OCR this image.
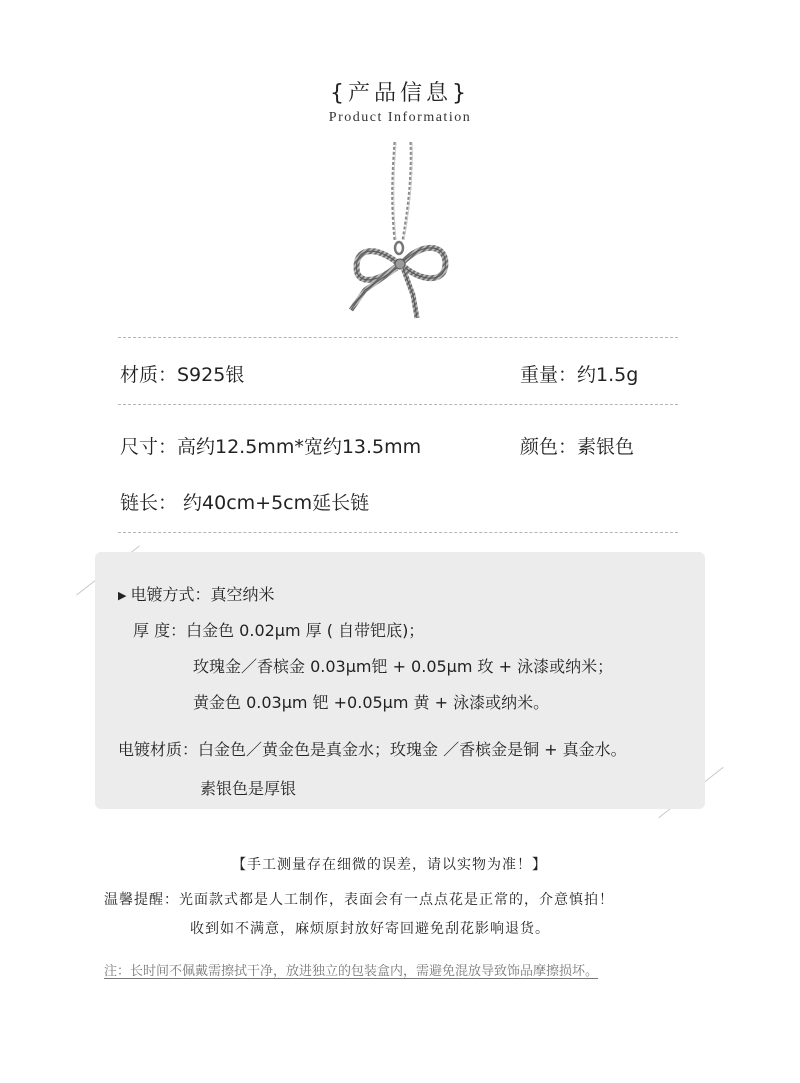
{产品信息}
Product Information
材质：S925银	重量：约1.5g
尺寸：高约12.5mm*宽约13.5mm	颜色：素银色
链长： 约40cm+5cm延长链
▶ 电镀方式：真空纳米
厚 度：白金色 0.02μm 厚 ( 自带钯底)；
玫瑰金／香槟金 0.03μm钯 + 0.05μm 玫 + 泳漆或纳米；
黄金色 0.03μm 钯 +0.05μm 黄 + 泳漆或纳米。
电镀材质：白金色／黄金色是真金水；玫瑰金 ／香槟金是铜 + 真金水。
素银色是厚银
【手工测量存在细微的误差，请以实物为准！】
温馨提醒：光面款式都是人工制作，表面会有一点点花是正常的，介意慎拍！
收到如不满意，麻烦原封放好寄回避免刮花影响退货。
注：长时间不佩戴需擦拭干净，放进独立的包装盒内，需避免混放导致饰品摩擦损坏。
